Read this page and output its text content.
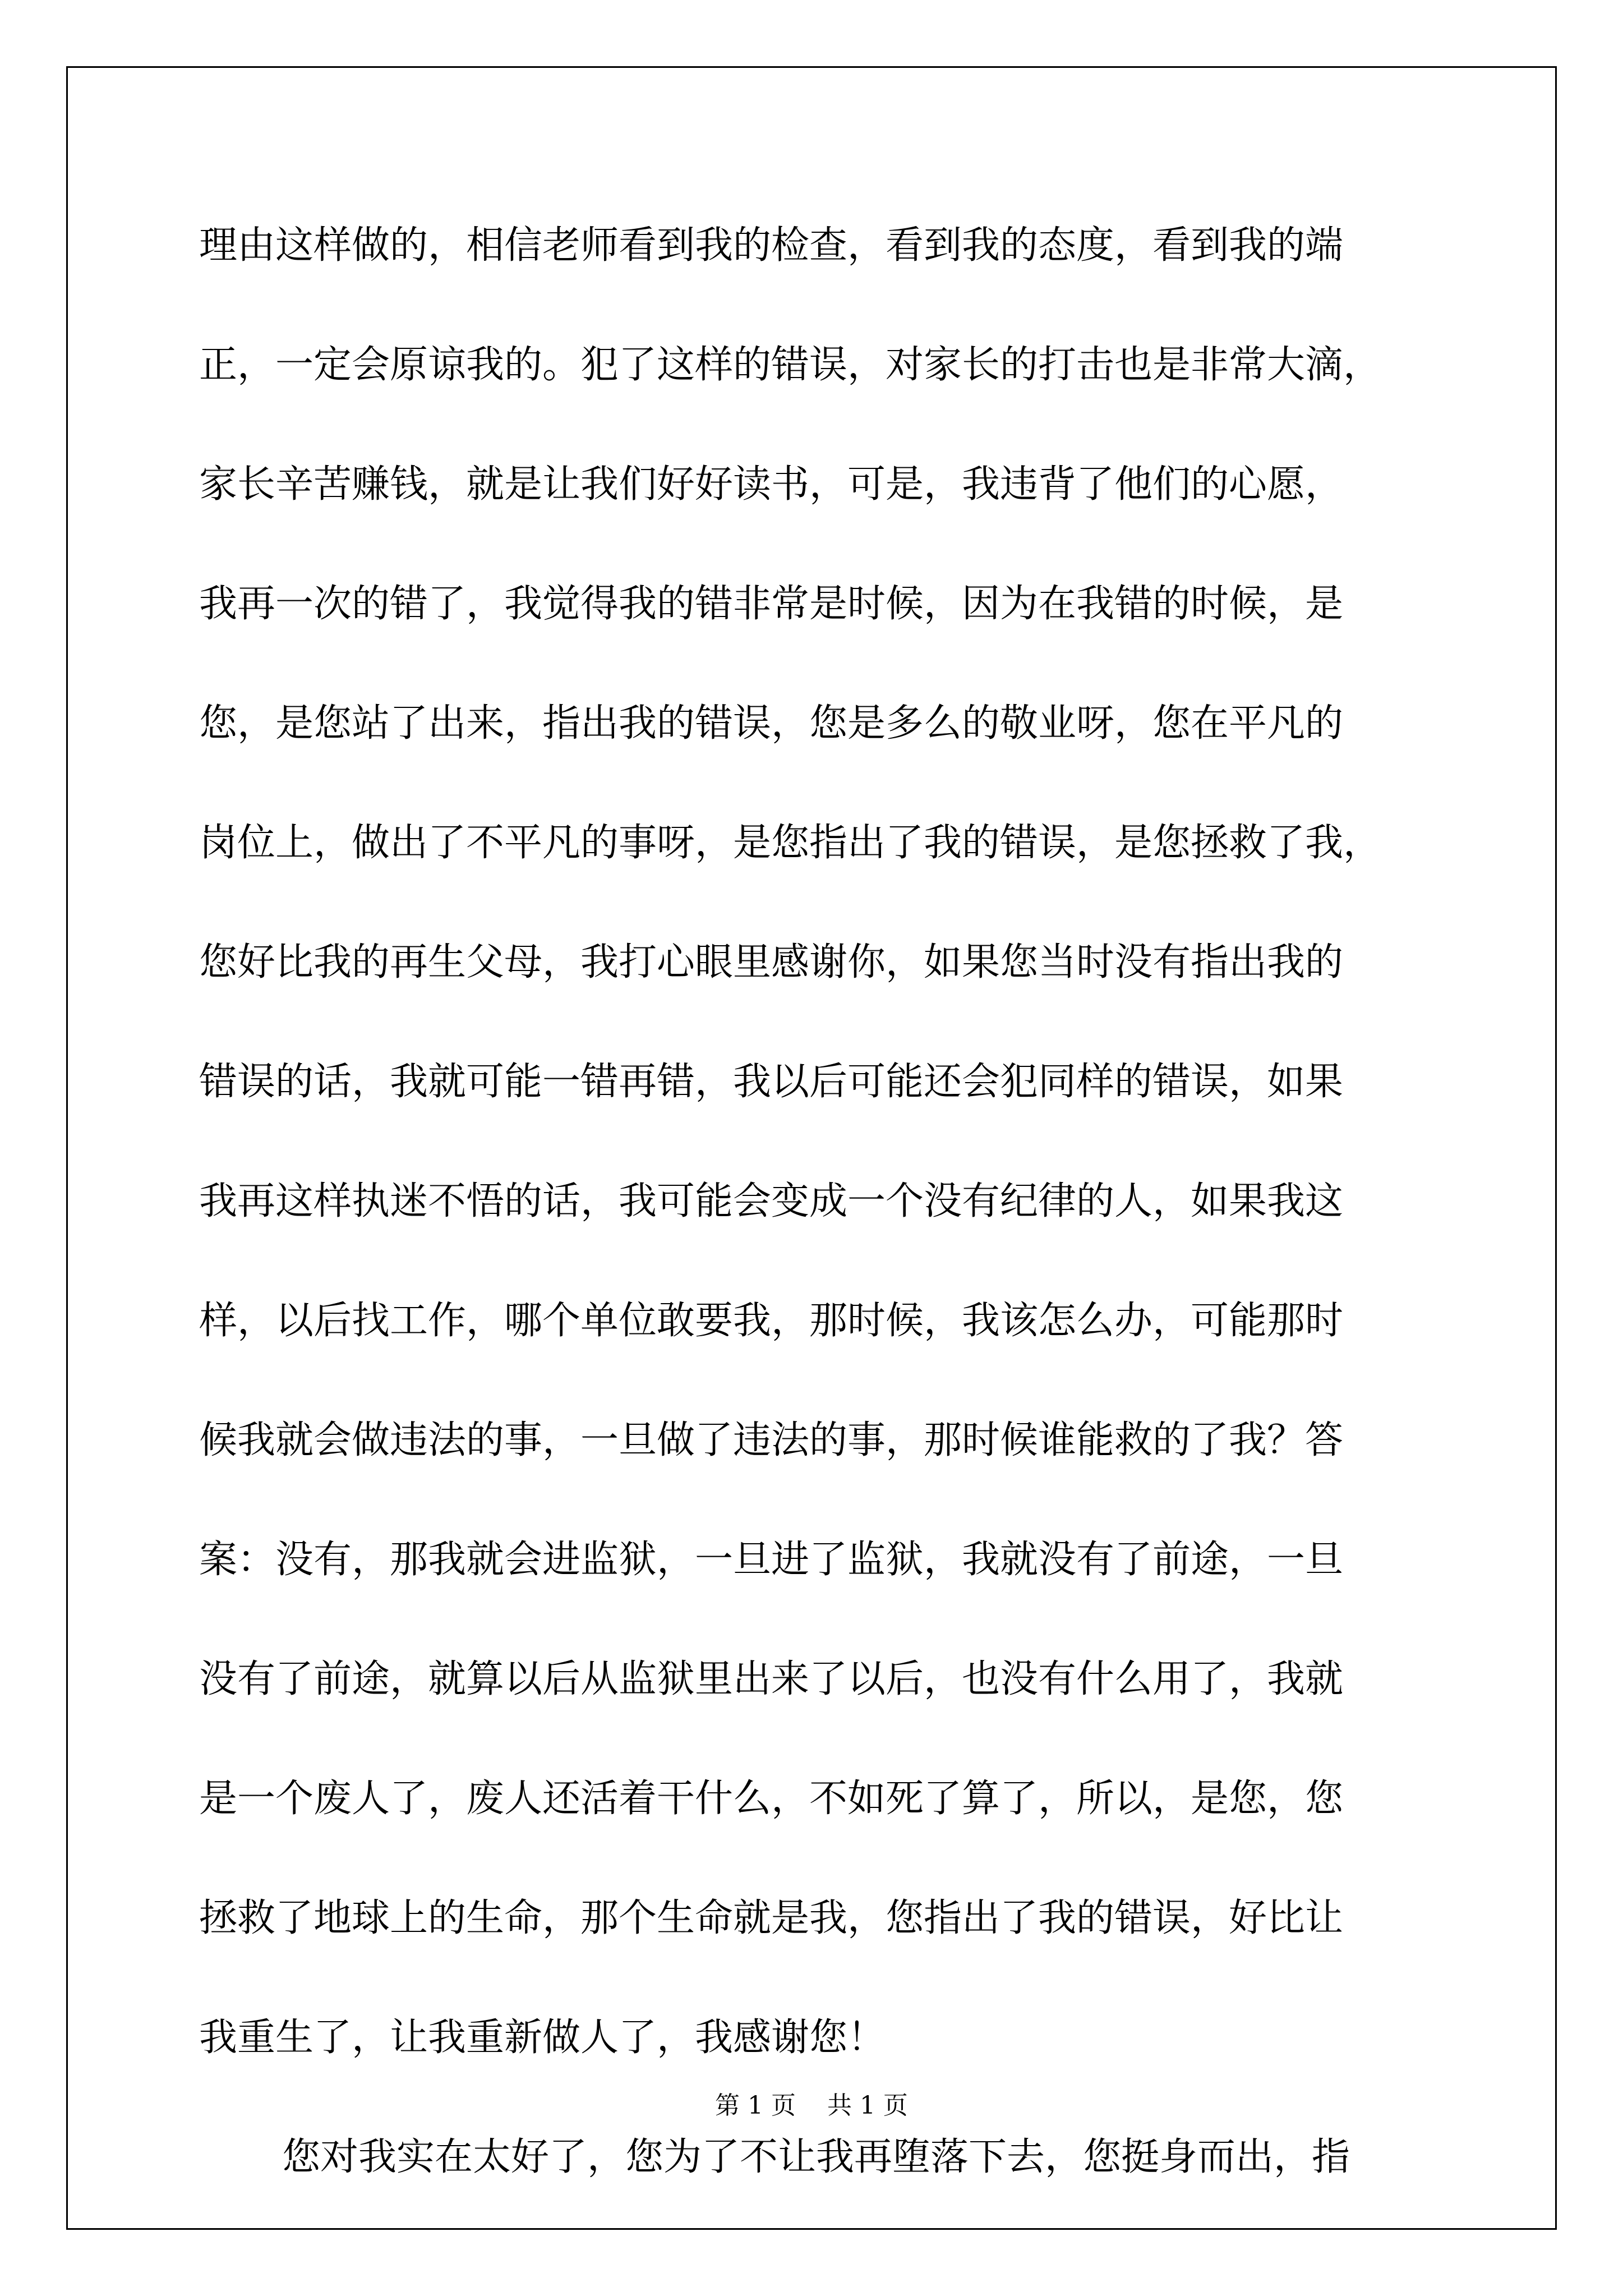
理由这样做的，相信老师看到我的检查，看到我的态度，看到我的端
正，一定会原谅我的。犯了这样的错误，对家长的打击也是非常大滴，
家长辛苦赚钱，就是让我们好好读书，可是，我违背了他们的心愿，
我再一次的错了，我觉得我的错非常是时候，因为在我错的时候，是
您，是您站了出来，指出我的错误，您是多么的敬业呀，您在平凡的
岗位上，做出了不平凡的事呀，是您指出了我的错误，是您拯救了我，
您好比我的再生父母，我打心眼里感谢你，如果您当时没有指出我的
错误的话，我就可能一错再错，我以后可能还会犯同样的错误，如果
我再这样执迷不悟的话，我可能会变成一个没有纪律的人，如果我这
样，以后找工作，哪个单位敢要我，那时候，我该怎么办，可能那时
候我就会做违法的事，一旦做了违法的事，那时候谁能救的了我？答
案：没有，那我就会进监狱，一旦进了监狱，我就没有了前途，一旦
没有了前途，就算以后从监狱里出来了以后，也没有什么用了，我就
是一个废人了，废人还活着干什么，不如死了算了，所以，是您，您
拯救了地球上的生命，那个生命就是我，您指出了我的错误，好比让
我重生了，让我重新做人了，我感谢您！
您对我实在太好了，您为了不让我再堕落下去，您挺身而出，指
第 1 页    共 1 页
